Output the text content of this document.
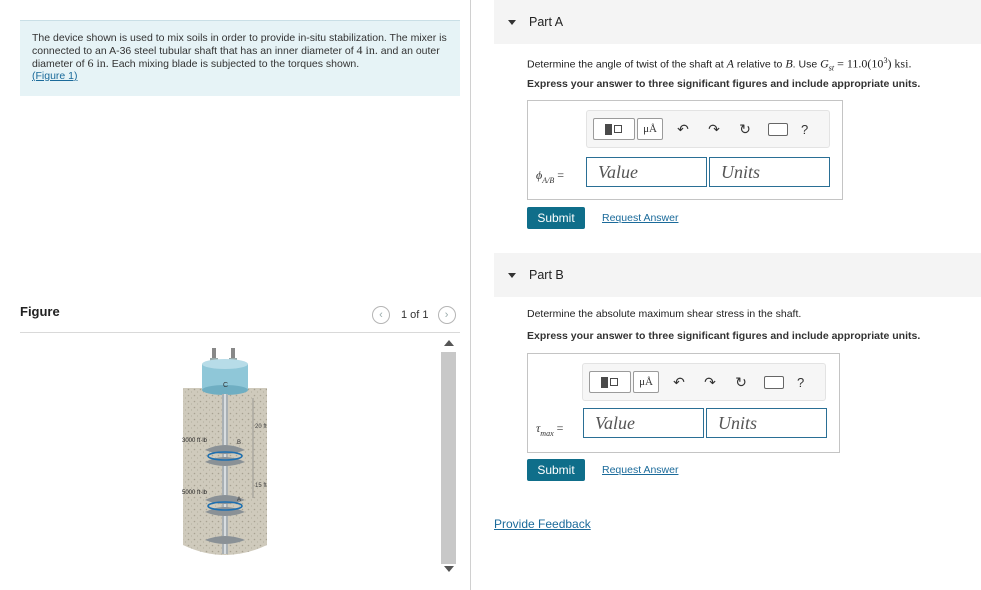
The device shown is used to mix soils in order to provide in-situ stabilization. The mixer is connected to an A-36 steel tubular shaft that has an inner diameter of 4 in. and an outer diameter of 6 in. Each mixing blade is subjected to the torques shown.
(Figure 1)
Figure	‹ 1 of 1 ›
C
B
A
3000 ft·lb
5000 ft·lb
20 ft
15 ft
Part A
Determine the angle of twist of the shaft at A relative to B. Use $G_{st} = 11.0(10^3)$ ksi.
Express your answer to three significant figures and include appropriate units.
μÅ	↶	↷	↻	?
$\phi_{A/B}$ =	Value	Units
Submit	Request Answer
Part B
Determine the absolute maximum shear stress in the shaft.
Express your answer to three significant figures and include appropriate units.
μÅ	↶	↷	↻	?
$\tau_{max}$ =	Value	Units
Submit	Request Answer
Provide Feedback
